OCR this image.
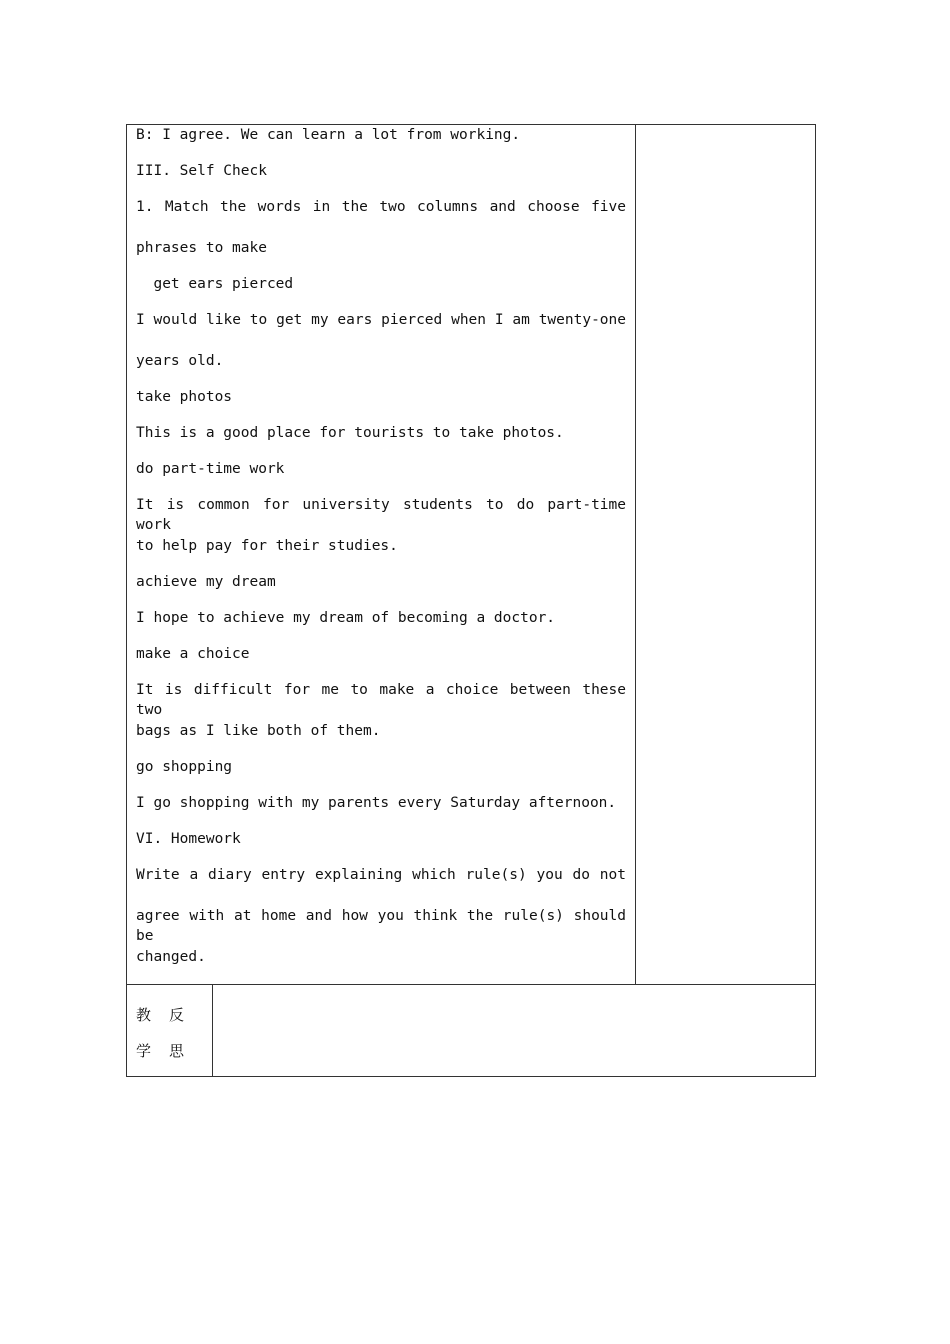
B: I agree. We can learn a lot from working.
III. Self Check
1. Match the words in the two columns and choose five
phrases to make
get ears pierced
I would like to get my ears pierced when I am twenty-one
years old.
take photos
This is a good place for tourists to take photos.
do part-time work
It is common for university students to do part-time work
to help pay for their studies.
achieve my dream
I hope to achieve my dream of becoming a doctor.
make a choice
It is difficult for me to make a choice between these two
bags as I like both of them.
go shopping
I go shopping with my parents every Saturday afternoon.
VI. Homework
Write a diary entry explaining which rule(s) you do not
agree with at home and how you think the rule(s) should be
changed.
教
学
反
思
